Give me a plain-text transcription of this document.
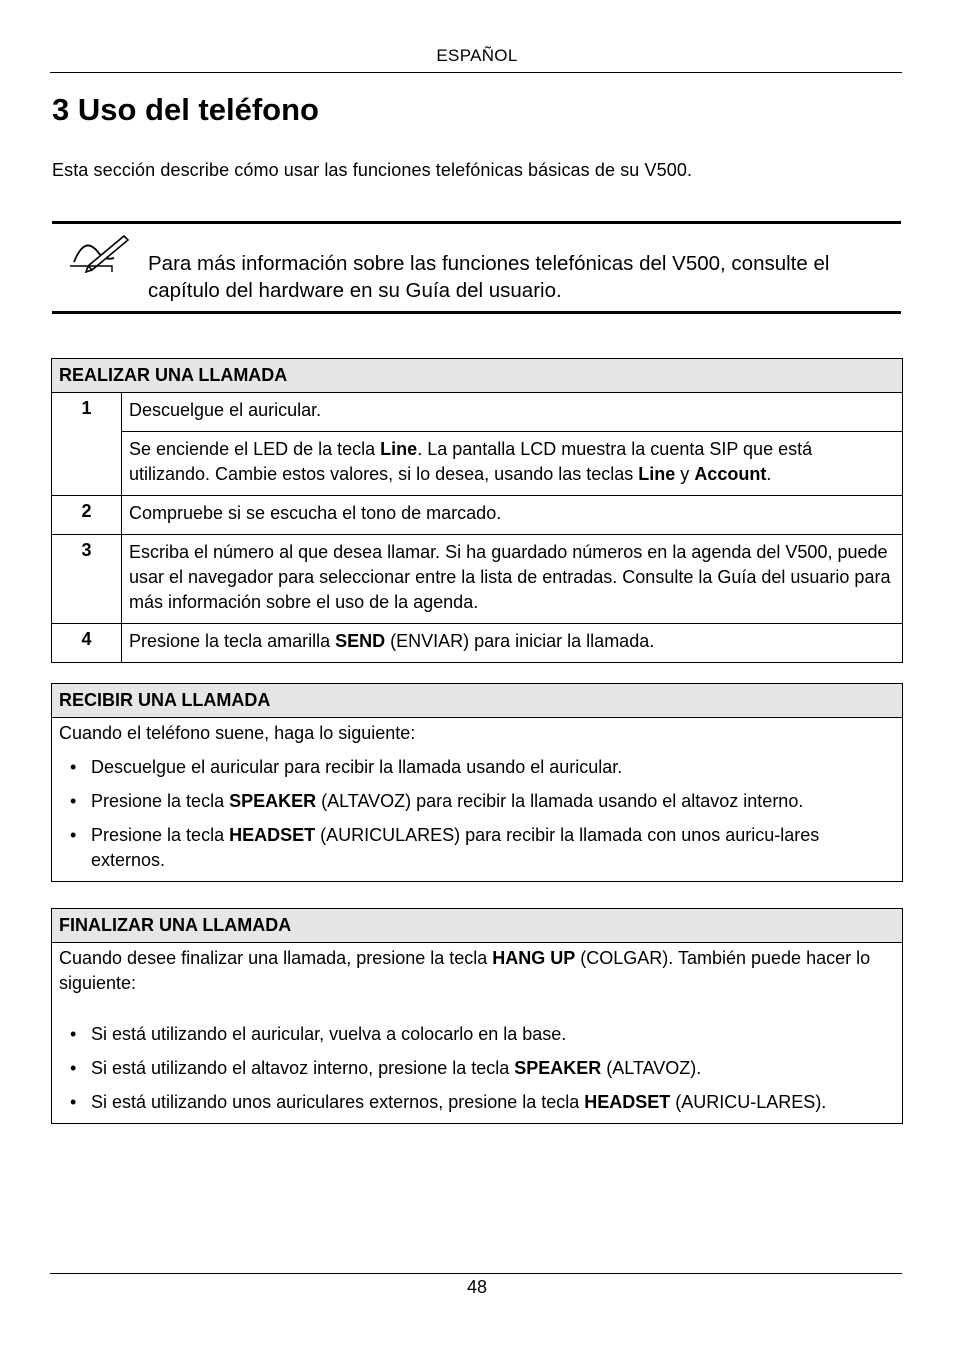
ESPAÑOL
3 Uso del teléfono
Esta sección describe cómo usar las funciones telefónicas básicas de su V500.
Para más información sobre las funciones telefónicas del V500, consulte el capítulo del hardware en su Guía del usuario.
REALIZAR UNA LLAMADA	
1	Descuelgue el auricular.
	Se enciende el LED de la tecla Line. La pantalla LCD muestra la cuenta SIP que está utilizando. Cambie estos valores, si lo desea, usando las teclas Line y Account.
2	Compruebe si se escucha el tono de marcado.
3	Escriba el número al que desea llamar. Si ha guardado números en la agenda del V500, puede usar el navegador para seleccionar entre la lista de entradas. Consulte la Guía del usuario para más información sobre el uso de la agenda.
4	Presione la tecla amarilla SEND (ENVIAR) para iniciar la llamada.
RECIBIR UNA LLAMADA

Cuando el teléfono suene, haga lo siguiente:
• Descuelgue el auricular para recibir la llamada usando el auricular.
• Presione la tecla SPEAKER (ALTAVOZ) para recibir la llamada usando el altavoz interno.
• Presione la tecla HEADSET (AURICULARES) para recibir la llamada con unos auricu-lares externos.
FINALIZAR UNA LLAMADA

Cuando desee finalizar una llamada, presione la tecla HANG UP (COLGAR). También puede hacer lo siguiente:
• Si está utilizando el auricular, vuelva a colocarlo en la base.
• Si está utilizando el altavoz interno, presione la tecla SPEAKER (ALTAVOZ).
• Si está utilizando unos auriculares externos, presione la tecla HEADSET (AURICU-LARES).
48
